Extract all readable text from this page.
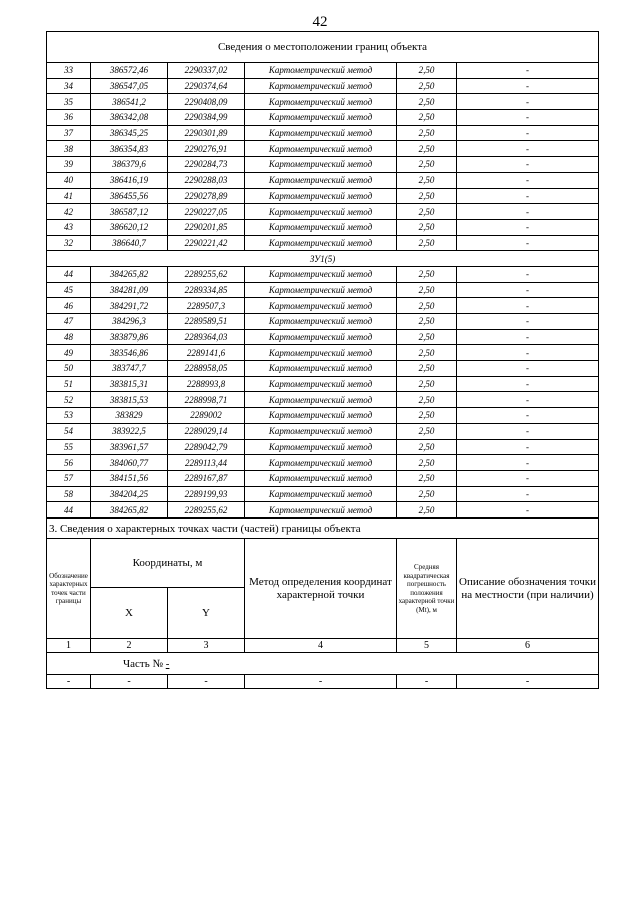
42
Сведения о местоположении границ объекта					
33	386572,46	2290337,02	Картометрический метод	2,50	-
34	386547,05	2290374,64	Картометрический метод	2,50	-
35	386541,2	2290408,09	Картометрический метод	2,50	-
36	386342,08	2290384,99	Картометрический метод	2,50	-
37	386345,25	2290301,89	Картометрический метод	2,50	-
38	386354,83	2290276,91	Картометрический метод	2,50	-
39	386379,6	2290284,73	Картометрический метод	2,50	-
40	386416,19	2290288,03	Картометрический метод	2,50	-
41	386455,56	2290278,89	Картометрический метод	2,50	-
42	386587,12	2290227,05	Картометрический метод	2,50	-
43	386620,12	2290201,85	Картометрический метод	2,50	-
32	386640,7	2290221,42	Картометрический метод	2,50	-
ЗУ1(5)					
44	384265,82	2289255,62	Картометрический метод	2,50	-
45	384281,09	2289334,85	Картометрический метод	2,50	-
46	384291,72	2289507,3	Картометрический метод	2,50	-
47	384296,3	2289589,51	Картометрический метод	2,50	-
48	383879,86	2289364,03	Картометрический метод	2,50	-
49	383546,86	2289141,6	Картометрический метод	2,50	-
50	383747,7	2288958,05	Картометрический метод	2,50	-
51	383815,31	2288993,8	Картометрический метод	2,50	-
52	383815,53	2288998,71	Картометрический метод	2,50	-
53	383829	2289002	Картометрический метод	2,50	-
54	383922,5	2289029,14	Картометрический метод	2,50	-
55	383961,57	2289042,79	Картометрический метод	2,50	-
56	384060,77	2289113,44	Картометрический метод	2,50	-
57	384151,56	2289167,87	Картометрический метод	2,50	-
58	384204,25	2289199,93	Картометрический метод	2,50	-
44	384265,82	2289255,62	Картометрический метод	2,50	-
3. Сведения о характерных точках части (частей) границы объекта					
Обозначение характерных точек части границы	Координаты, м		Метод определения координат характерной точки	Средняя квадратическая погрешность положения характерной точки (Mt), м	Описание обозначения точки на местности (при наличии)
	X	Y			
1	2	3	4	5	6
Часть № -					
-	-	-	-	-	-
